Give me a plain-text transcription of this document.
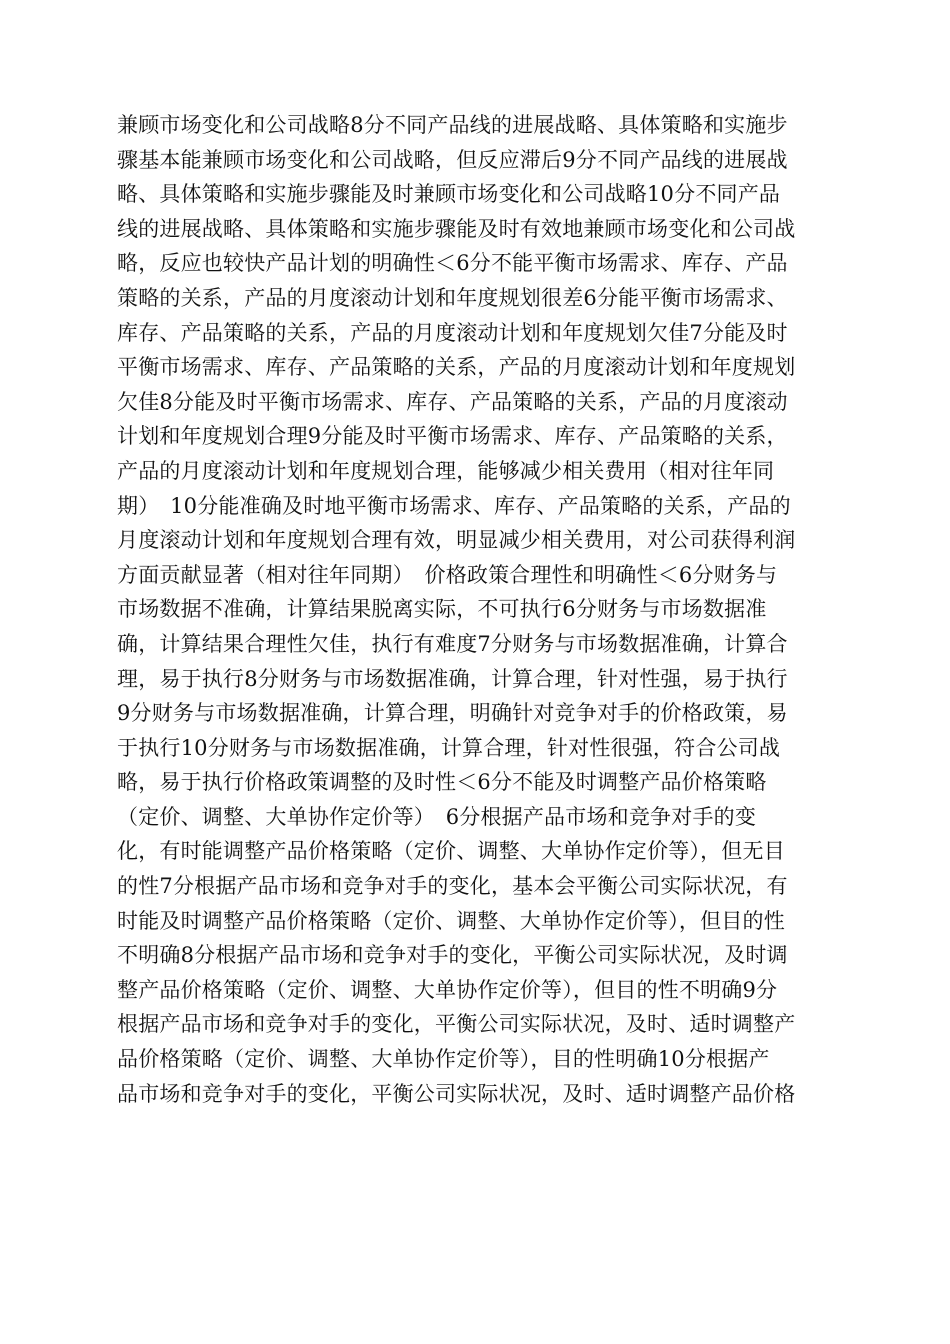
兼顾市场变化和公司战略8分不同产品线的进展战略、具体策略和实施步
骤基本能兼顾市场变化和公司战略，但反应滞后9分不同产品线的进展战
略、具体策略和实施步骤能及时兼顾市场变化和公司战略10分不同产品
线的进展战略、具体策略和实施步骤能及时有效地兼顾市场变化和公司战
略，反应也较快产品计划的明确性＜6分不能平衡市场需求、库存、产品
策略的关系，产品的月度滚动计划和年度规划很差6分能平衡市场需求、
库存、产品策略的关系，产品的月度滚动计划和年度规划欠佳7分能及时
平衡市场需求、库存、产品策略的关系，产品的月度滚动计划和年度规划
欠佳8分能及时平衡市场需求、库存、产品策略的关系，产品的月度滚动
计划和年度规划合理9分能及时平衡市场需求、库存、产品策略的关系，
产品的月度滚动计划和年度规划合理，能够减少相关费用（相对往年同
期）　10分能准确及时地平衡市场需求、库存、产品策略的关系，产品的
月度滚动计划和年度规划合理有效，明显减少相关费用，对公司获得利润
方面贡献显著（相对往年同期）　价格政策合理性和明确性＜6分财务与
市场数据不准确，计算结果脱离实际，不可执行6分财务与市场数据准
确，计算结果合理性欠佳，执行有难度7分财务与市场数据准确，计算合
理，易于执行8分财务与市场数据准确，计算合理，针对性强，易于执行
9分财务与市场数据准确，计算合理，明确针对竞争对手的价格政策，易
于执行10分财务与市场数据准确，计算合理，针对性很强，符合公司战
略，易于执行价格政策调整的及时性＜6分不能及时调整产品价格策略
（定价、调整、大单协作定价等）　6分根据产品市场和竞争对手的变
化，有时能调整产品价格策略（定价、调整、大单协作定价等），但无目
的性7分根据产品市场和竞争对手的变化，基本会平衡公司实际状况，有
时能及时调整产品价格策略（定价、调整、大单协作定价等），但目的性
不明确8分根据产品市场和竞争对手的变化，平衡公司实际状况，及时调
整产品价格策略（定价、调整、大单协作定价等），但目的性不明确9分
根据产品市场和竞争对手的变化，平衡公司实际状况，及时、适时调整产
品价格策略（定价、调整、大单协作定价等），目的性明确10分根据产
品市场和竞争对手的变化，平衡公司实际状况，及时、适时调整产品价格
